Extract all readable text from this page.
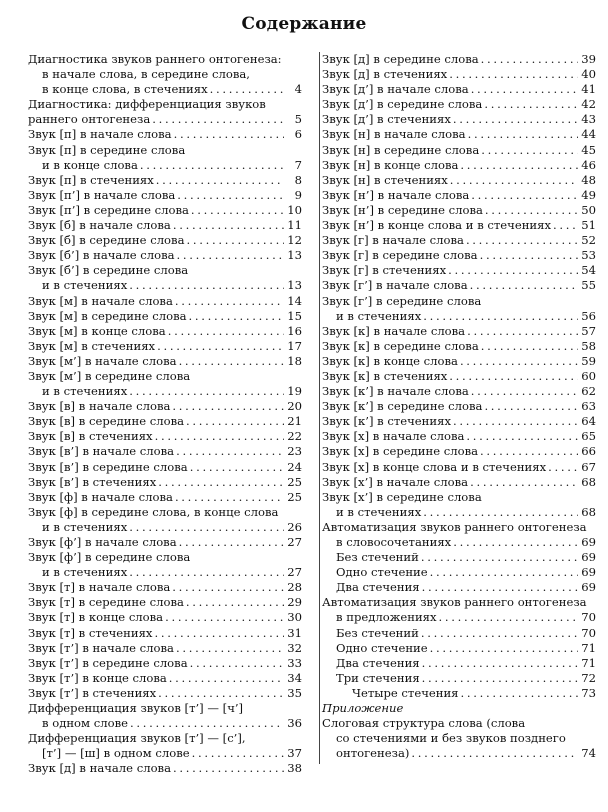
Содержание
Диагностика звуков раннего онтогенеза:
в начале слова, в середине слова,
в конце слова, в стечениях . . .	4
Диагностика: дифференциация звуков
раннего онтогенеза . . .	5
Звук [п] в начале слова . . .	6
Звук [п] в середине слова
и в конце слова . . .	7
Звук [п] в стечениях . . .	8
Звук [п’] в начале слова . . .	9
Звук [п’] в середине слова . . .	10
Звук [б] в начале слова . . .	11
Звук [б] в середине слова . . .	12
Звук [б’] в начале слова . . .	13
Звук [б’] в середине слова
и в стечениях . . .	13
Звук [м] в начале слова . . .	14
Звук [м] в середине слова . . .	15
Звук [м] в конце слова . . .	16
Звук [м] в стечениях . . .	17
Звук [м’] в начале слова . . .	18
Звук [м’] в середине слова
и в стечениях . . .	19
Звук [в] в начале слова . . .	20
Звук [в] в середине слова . . .	21
Звук [в] в стечениях . . .	22
Звук [в’] в начале слова . . .	23
Звук [в’] в середине слова . . .	24
Звук [в’] в стечениях . . .	25
Звук [ф] в начале слова . . .	25
Звук [ф] в середине слова, в конце слова
и в стечениях . . .	26
Звук [ф’] в начале слова . . .	27
Звук [ф’] в середине слова
и в стечениях . . .	27
Звук [т] в начале слова . . .	28
Звук [т] в середине слова . . .	29
Звук [т] в конце слова . . .	30
Звук [т] в стечениях . . .	31
Звук [т’] в начале слова . . .	32
Звук [т’] в середине слова . . .	33
Звук [т’] в конце слова . . .	34
Звук [т’] в стечениях . . .	35
Дифференциация звуков [т’] — [ч’]
в одном слове . . .	36
Дифференциация звуков [т’] — [с’],
[т’] — [ш] в одном слове . . .	37
Звук [д] в начале слова . . .	38
Звук [д] в середине слова . . .	39
Звук [д] в стечениях . . .	40
Звук [д’] в начале слова . . .	41
Звук [д’] в середине слова . . .	42
Звук [д’] в стечениях . . .	43
Звук [н] в начале слова . . .	44
Звук [н] в середине слова . . .	45
Звук [н] в конце слова . . .	46
Звук [н] в стечениях . . .	48
Звук [н’] в начале слова . . .	49
Звук [н’] в середине слова . . .	50
Звук [н’] в конце слова и в стечениях . . .	51
Звук [г] в начале слова . . .	52
Звук [г] в середине слова . . .	53
Звук [г] в стечениях . . .	54
Звук [г’] в начале слова . . .	55
Звук [г’] в середине слова
и в стечениях . . .	56
Звук [к] в начале слова . . .	57
Звук [к] в середине слова . . .	58
Звук [к] в конце слова . . .	59
Звук [к] в стечениях . . .	60
Звук [к’] в начале слова . . .	62
Звук [к’] в середине слова . . .	63
Звук [к’] в стечениях . . .	64
Звук [х] в начале слова . . .	65
Звук [х] в середине слова . . .	66
Звук [х] в конце слова и в стечениях . . .	67
Звук [х’] в начале слова . . .	68
Звук [х’] в середине слова
и в стечениях . . .	68
Автоматизация звуков раннего онтогенеза
в словосочетаниях . . .	69
Без стечений . . .	69
Одно стечение . . .	69
Два стечения . . .	69
Автоматизация звуков раннего онтогенеза
в предложениях . . .	70
Без стечений . . .	70
Одно стечение . . .	71
Два стечения . . .	71
Три стечения . . .	72
Четыре стечения . . .	73
Приложение
Слоговая структура слова (слова
со стечениями и без звуков позднего
онтогенеза) . . .	74
